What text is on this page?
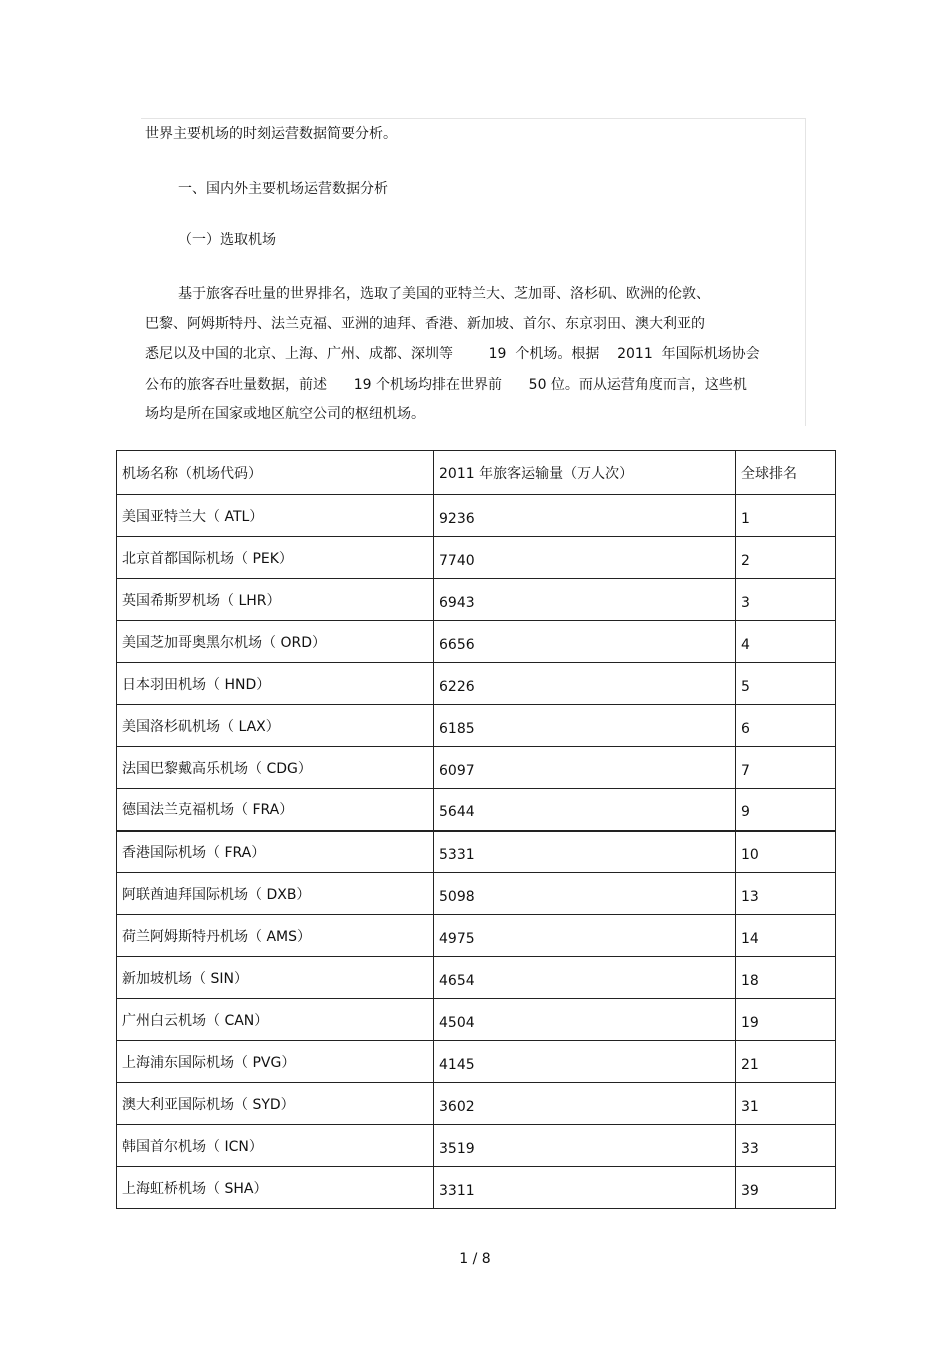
世界主要机场的时刻运营数据简要分析。
一、国内外主要机场运营数据分析
（一）选取机场
基于旅客吞吐量的世界排名，选取了美国的亚特兰大、芝加哥、洛杉矶、欧洲的伦敦、
巴黎、阿姆斯特丹、法兰克福、亚洲的迪拜、香港、新加坡、首尔、东京羽田、澳大利亚的
悉尼以及中国的北京、上海、广州、成都、深圳等        19  个机场。根据    2011  年国际机场协会
公布的旅客吞吐量数据，前述      19 个机场均排在世界前      50 位。而从运营角度而言，这些机
场均是所在国家或地区航空公司的枢纽机场。
机场名称（机场代码）	2011 年旅客运输量（万人次）	全球排名
美国亚特兰大（ ATL）	9236	1
北京首都国际机场（ PEK）	7740	2
英国希斯罗机场（ LHR）	6943	3
美国芝加哥奥黑尔机场（ ORD）	6656	4
日本羽田机场（ HND）	6226	5
美国洛杉矶机场（ LAX）	6185	6
法国巴黎戴高乐机场（ CDG）	6097	7
德国法兰克福机场（ FRA）	5644	9
香港国际机场（ FRA）	5331	10
阿联酋迪拜国际机场（ DXB）	5098	13
荷兰阿姆斯特丹机场（ AMS）	4975	14
新加坡机场（ SIN）	4654	18
广州白云机场（ CAN）	4504	19
上海浦东国际机场（ PVG）	4145	21
澳大利亚国际机场（ SYD）	3602	31
韩国首尔机场（ ICN）	3519	33
上海虹桥机场（ SHA）	3311	39
1 / 8
